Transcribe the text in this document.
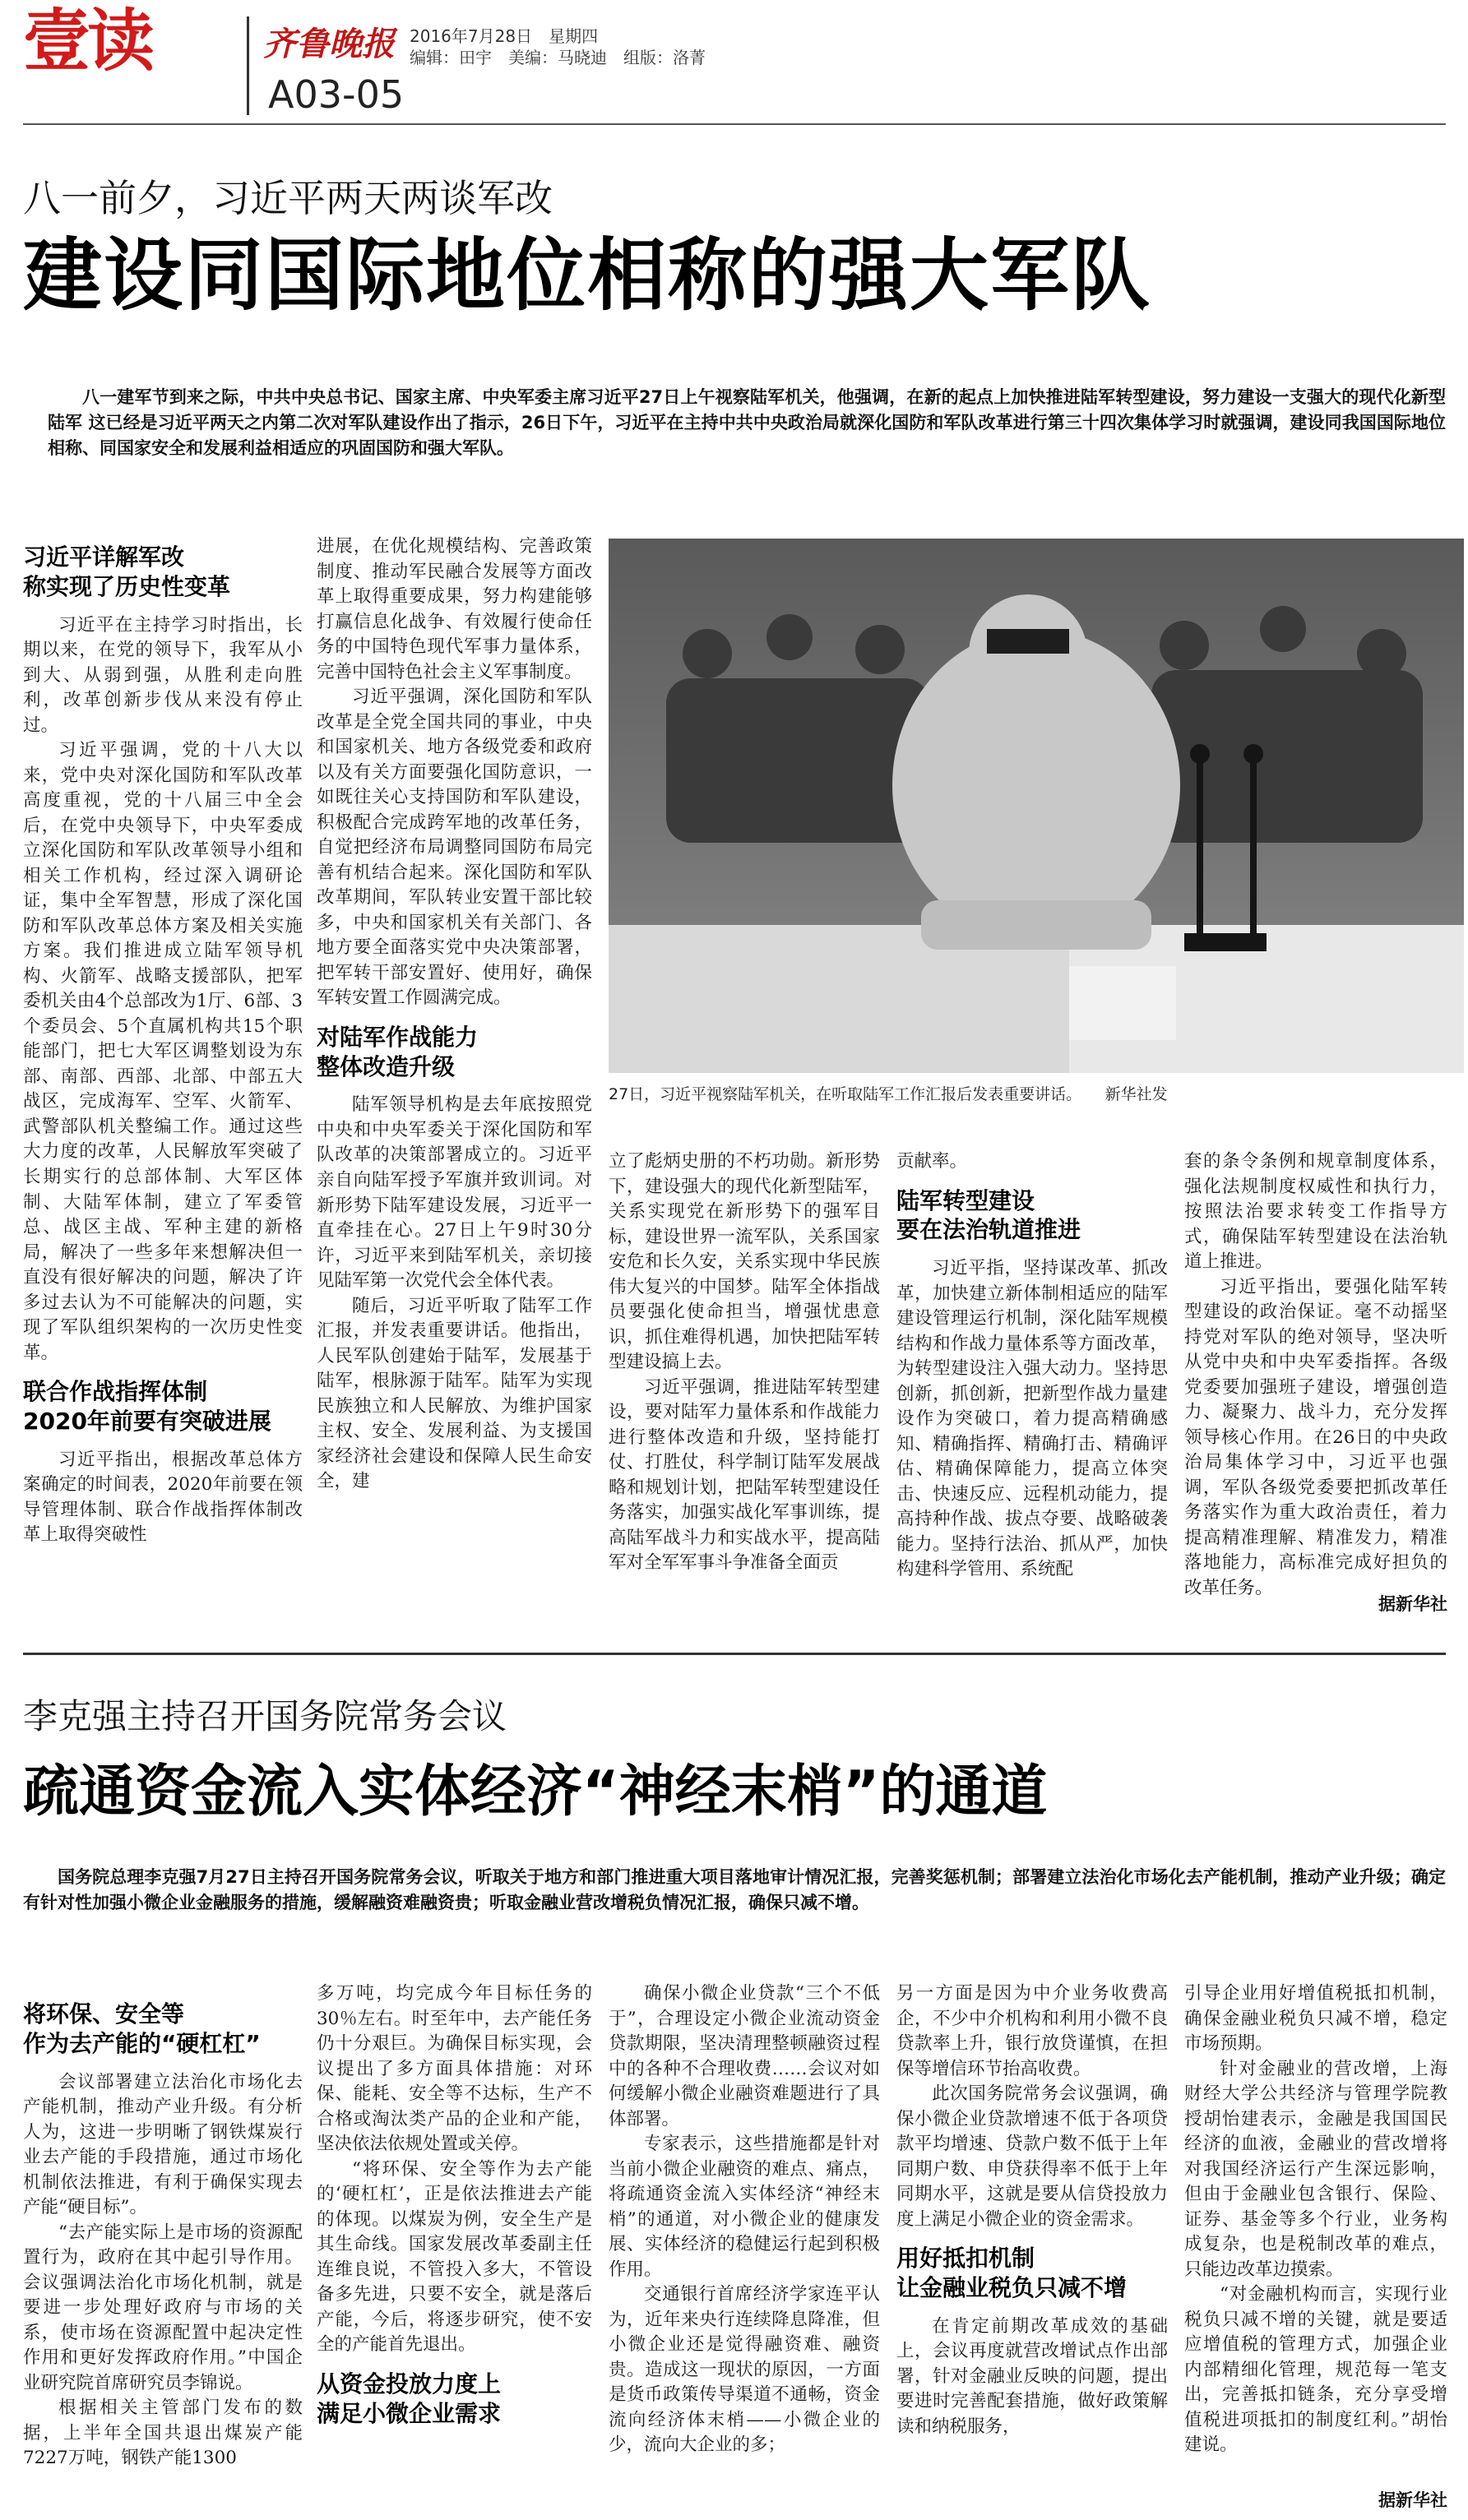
壹读	齐鲁晚报
A03-05
2016年7月28日　星期四
编辑：田宇　美编：马晓迪　组版：洛菁
八一前夕，习近平两天两谈军改
建设同国际地位相称的强大军队
八一建军节到来之际，中共中央总书记、国家主席、中央军委主席习近平27日上午视察陆军机关，他强调，在新的起点上加快推进陆军转型建设，努力建设一支强大的现代化新型陆军 这已经是习近平两天之内第二次对军队建设作出了指示，26日下午，习近平在主持中共中央政治局就深化国防和军队改革进行第三十四次集体学习时就强调，建设同我国国际地位相称、同国家安全和发展利益相适应的巩固国防和强大军队。
27日，习近平视察陆军机关，在听取陆军工作汇报后发表重要讲话。　　新华社发
习近平详解军改
称实现了历史性变革

习近平在主持学习时指出，长期以来，在党的领导下，我军从小到大、从弱到强，从胜利走向胜利，改革创新步伐从来没有停止过。

习近平强调，党的十八大以来，党中央对深化国防和军队改革高度重视，党的十八届三中全会后，在党中央领导下，中央军委成立深化国防和军队改革领导小组和相关工作机构，经过深入调研论证，集中全军智慧，形成了深化国防和军队改革总体方案及相关实施方案。我们推进成立陆军领导机构、火箭军、战略支援部队，把军委机关由4个总部改为1厅、6部、3个委员会、5个直属机构共15个职能部门，把七大军区调整划设为东部、南部、西部、北部、中部五大战区，完成海军、空军、火箭军、武警部队机关整编工作。通过这些大力度的改革，人民解放军突破了长期实行的总部体制、大军区体制、大陆军体制，建立了军委管总、战区主战、军种主建的新格局，解决了一些多年来想解决但一直没有很好解决的问题，解决了许多过去认为不可能解决的问题，实现了军队组织架构的一次历史性变革。

联合作战指挥体制
2020年前要有突破进展

习近平指出，根据改革总体方案确定的时间表，2020年前要在领导管理体制、联合作战指挥体制改革上取得突破性

进展，在优化规模结构、完善政策制度、推动军民融合发展等方面改革上取得重要成果，努力构建能够打赢信息化战争、有效履行使命任务的中国特色现代军事力量体系，完善中国特色社会主义军事制度。

习近平强调，深化国防和军队改革是全党全国共同的事业，中央和国家机关、地方各级党委和政府以及有关方面要强化国防意识，一如既往关心支持国防和军队建设，积极配合完成跨军地的改革任务，自觉把经济布局调整同国防布局完善有机结合起来。深化国防和军队改革期间，军队转业安置干部比较多，中央和国家机关有关部门、各地方要全面落实党中央决策部署，把军转干部安置好、使用好，确保军转安置工作圆满完成。

对陆军作战能力
整体改造升级

陆军领导机构是去年底按照党中央和中央军委关于深化国防和军队改革的决策部署成立的。习近平亲自向陆军授予军旗并致训词。对新形势下陆军建设发展，习近平一直牵挂在心。27日上午9时30分许，习近平来到陆军机关，亲切接见陆军第一次党代会全体代表。

随后，习近平听取了陆军工作汇报，并发表重要讲话。他指出，人民军队创建始于陆军，发展基于陆军，根脉源于陆军。陆军为实现民族独立和人民解放、为维护国家主权、安全、发展利益、为支援国家经济社会建设和保障人民生命安全，建

立了彪炳史册的不朽功勋。新形势下，建设强大的现代化新型陆军，关系实现党在新形势下的强军目标，建设世界一流军队，关系国家安危和长久安，关系实现中华民族伟大复兴的中国梦。陆军全体指战员要强化使命担当，增强忧患意识，抓住难得机遇，加快把陆军转型建设搞上去。

习近平强调，推进陆军转型建设，要对陆军力量体系和作战能力进行整体改造和升级，坚持能打仗、打胜仗，科学制订陆军发展战略和规划计划，把陆军转型建设任务落实，加强实战化军事训练，提高陆军战斗力和实战水平，提高陆军对全军军事斗争准备全面贡

贡献率。

陆军转型建设
要在法治轨道推进

习近平指，坚持谋改革、抓改革，加快建立新体制相适应的陆军建设管理运行机制，深化陆军规模结构和作战力量体系等方面改革，为转型建设注入强大动力。坚持思创新，抓创新，把新型作战力量建设作为突破口，着力提高精确感知、精确指挥、精确打击、精确评估、精确保障能力，提高立体突击、快速反应、远程机动能力，提高持种作战、拔点夺要、战略破袭能力。坚持行法治、抓从严，加快构建科学管用、系统配

套的条令条例和规章制度体系，强化法规制度权威性和执行力，按照法治要求转变工作指导方式，确保陆军转型建设在法治轨道上推进。

习近平指出，要强化陆军转型建设的政治保证。毫不动摇坚持党对军队的绝对领导，坚决听从党中央和中央军委指挥。各级党委要加强班子建设，增强创造力、凝聚力、战斗力，充分发挥领导核心作用。在26日的中央政治局集体学习中，习近平也强调，军队各级党委要把抓改革任务落实作为重大政治责任，着力提高精准理解、精准发力，精准落地能力，高标准完成好担负的改革任务。

据新华社
李克强主持召开国务院常务会议
疏通资金流入实体经济“神经末梢”的通道
国务院总理李克强7月27日主持召开国务院常务会议，听取关于地方和部门推进重大项目落地审计情况汇报，完善奖惩机制；部署建立法治化市场化去产能机制，推动产业升级；确定有针对性加强小微企业金融服务的措施，缓解融资难融资贵；听取金融业营改增税负情况汇报，确保只减不增。
将环保、安全等
作为去产能的“硬杠杠”

会议部署建立法治化市场化去产能机制，推动产业升级。有分析人为，这进一步明晰了钢铁煤炭行业去产能的手段措施，通过市场化机制依法推进，有利于确保实现去产能“硬目标”。

“去产能实际上是市场的资源配置行为，政府在其中起引导作用。会议强调法治化市场化机制，就是要进一步处理好政府与市场的关系，使市场在资源配置中起决定性作用和更好发挥政府作用。”中国企业研究院首席研究员李锦说。

根据相关主管部门发布的数据，上半年全国共退出煤炭产能7227万吨，钢铁产能1300

多万吨，均完成今年目标任务的30％左右。时至年中，去产能任务仍十分艰巨。为确保目标实现，会议提出了多方面具体措施：对环保、能耗、安全等不达标，生产不合格或淘汰类产品的企业和产能，坚决依法依规处置或关停。

“将环保、安全等作为去产能的‘硬杠杠’，正是依法推进去产能的体现。以煤炭为例，安全生产是其生命线。国家发展改革委副主任连维良说，不管投入多大，不管设备多先进，只要不安全，就是落后产能，今后，将逐步研究，使不安全的产能首先退出。

从资金投放力度上
满足小微企业需求

确保小微企业贷款“三个不低于”，合理设定小微企业流动资金贷款期限，坚决清理整顿融资过程中的各种不合理收费……会议对如何缓解小微企业融资难题进行了具体部署。

专家表示，这些措施都是针对当前小微企业融资的难点、痛点，将疏通资金流入实体经济“神经末梢”的通道，对小微企业的健康发展、实体经济的稳健运行起到积极作用。

交通银行首席经济学家连平认为，近年来央行连续降息降准，但小微企业还是觉得融资难、融资贵。造成这一现状的原因，一方面是货币政策传导渠道不通畅，资金流向经济体末梢——小微企业的少，流向大企业的多；

另一方面是因为中介业务收费高企，不少中介机构和利用小微不良贷款率上升，银行放贷谨慎，在担保等增信环节抬高收费。

此次国务院常务会议强调，确保小微企业贷款增速不低于各项贷款平均增速、贷款户数不低于上年同期户数、申贷获得率不低于上年同期水平，这就是要从信贷投放力度上满足小微企业的资金需求。

用好抵扣机制
让金融业税负只减不增

在肯定前期改革成效的基础上，会议再度就营改增试点作出部署，针对金融业反映的问题，提出要进时完善配套措施，做好政策解读和纳税服务，

引导企业用好增值税抵扣机制，确保金融业税负只减不增，稳定市场预期。

针对金融业的营改增，上海财经大学公共经济与管理学院教授胡怡建表示，金融是我国国民经济的血液，金融业的营改增将对我国经济运行产生深远影响，但由于金融业包含银行、保险、证券、基金等多个行业，业务构成复杂，也是税制改革的难点，只能边改革边摸索。

“对金融机构而言，实现行业税负只减不增的关键，就是要适应增值税的管理方式，加强企业内部精细化管理，规范每一笔支出，完善抵扣链条，充分享受增值税进项抵扣的制度红利。”胡怡建说。

据新华社
